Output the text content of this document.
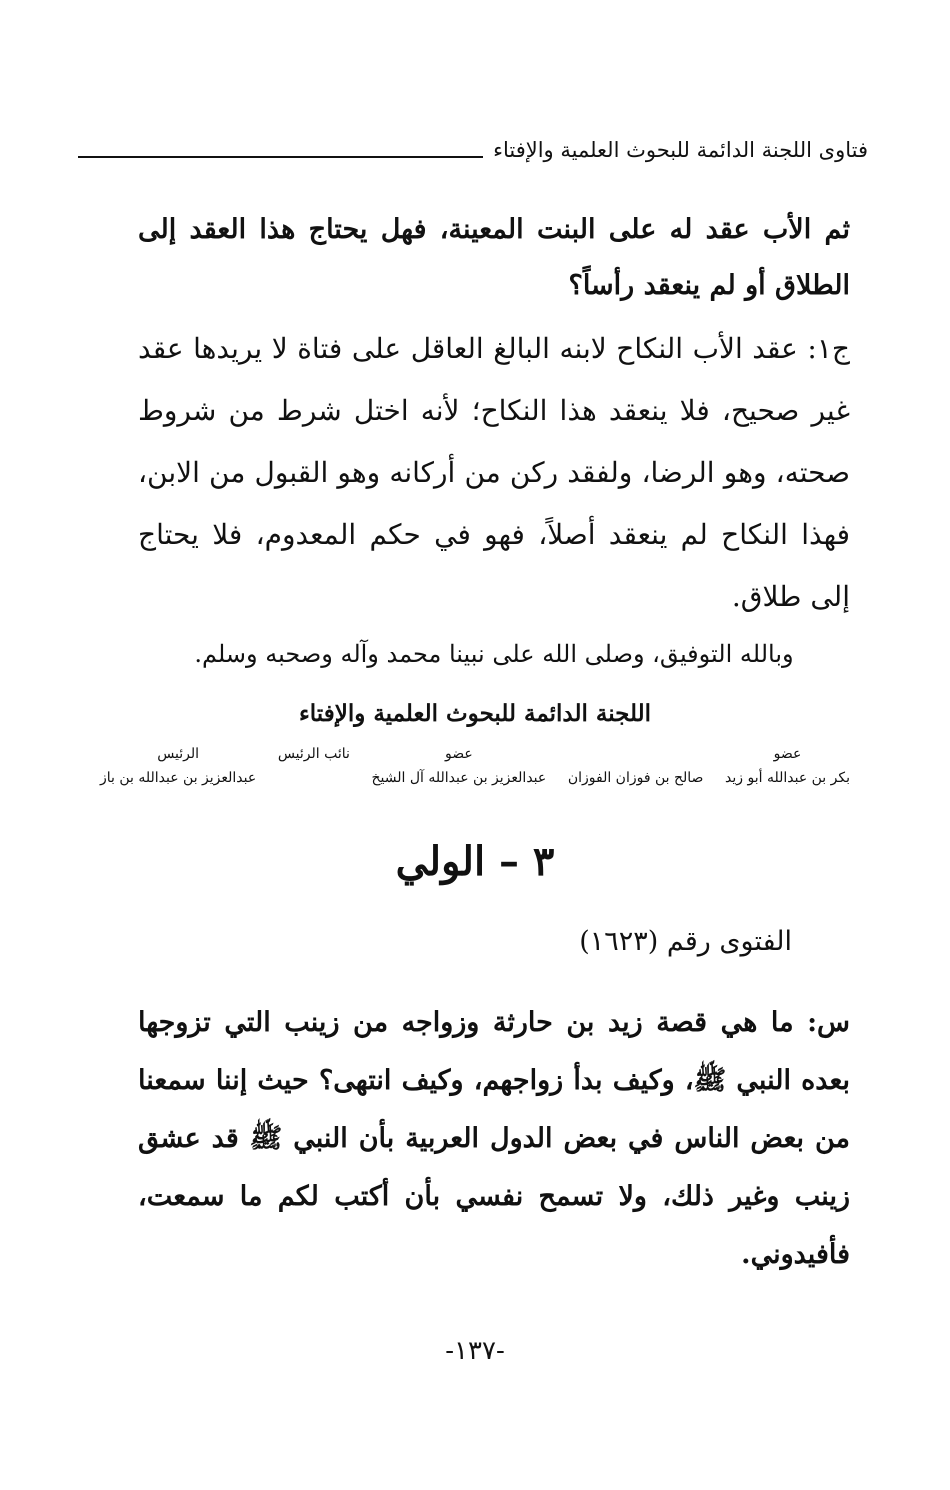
فتاوى اللجنة الدائمة للبحوث العلمية والإفتاء
ثم الأب عقد له على البنت المعينة، فهل يحتاج هذا العقد إلى الطلاق أو لم ينعقد رأساً؟
ج١: عقد الأب النكاح لابنه البالغ العاقل على فتاة لا يريدها عقد غير صحيح، فلا ينعقد هذا النكاح؛ لأنه اختل شرط من شروط صحته، وهو الرضا، ولفقد ركن من أركانه وهو القبول من الابن، فهذا النكاح لم ينعقد أصلاً، فهو في حكم المعدوم، فلا يحتاج إلى طلاق.
وبالله التوفيق، وصلى الله على نبينا محمد وآله وصحبه وسلم.
اللجنة الدائمة للبحوث العلمية والإفتاء
عضو
بكر بن عبدالله أبو زيد

صالح بن فوزان الفوزان
عضو
عبدالعزيز بن عبدالله آل الشيخ
نائب الرئيس

الرئيس
عبدالعزيز بن عبدالله بن باز
٣ – الولي
الفتوى رقم (١٦٢٣)
س: ما هي قصة زيد بن حارثة وزواجه من زينب التي تزوجها بعده النبي ﷺ، وكيف بدأ زواجهم، وكيف انتهى؟ حيث إننا سمعنا من بعض الناس في بعض الدول العربية بأن النبي ﷺ قد عشق زينب وغير ذلك، ولا تسمح نفسي بأن أكتب لكم ما سمعت، فأفيدوني.
-١٣٧-
